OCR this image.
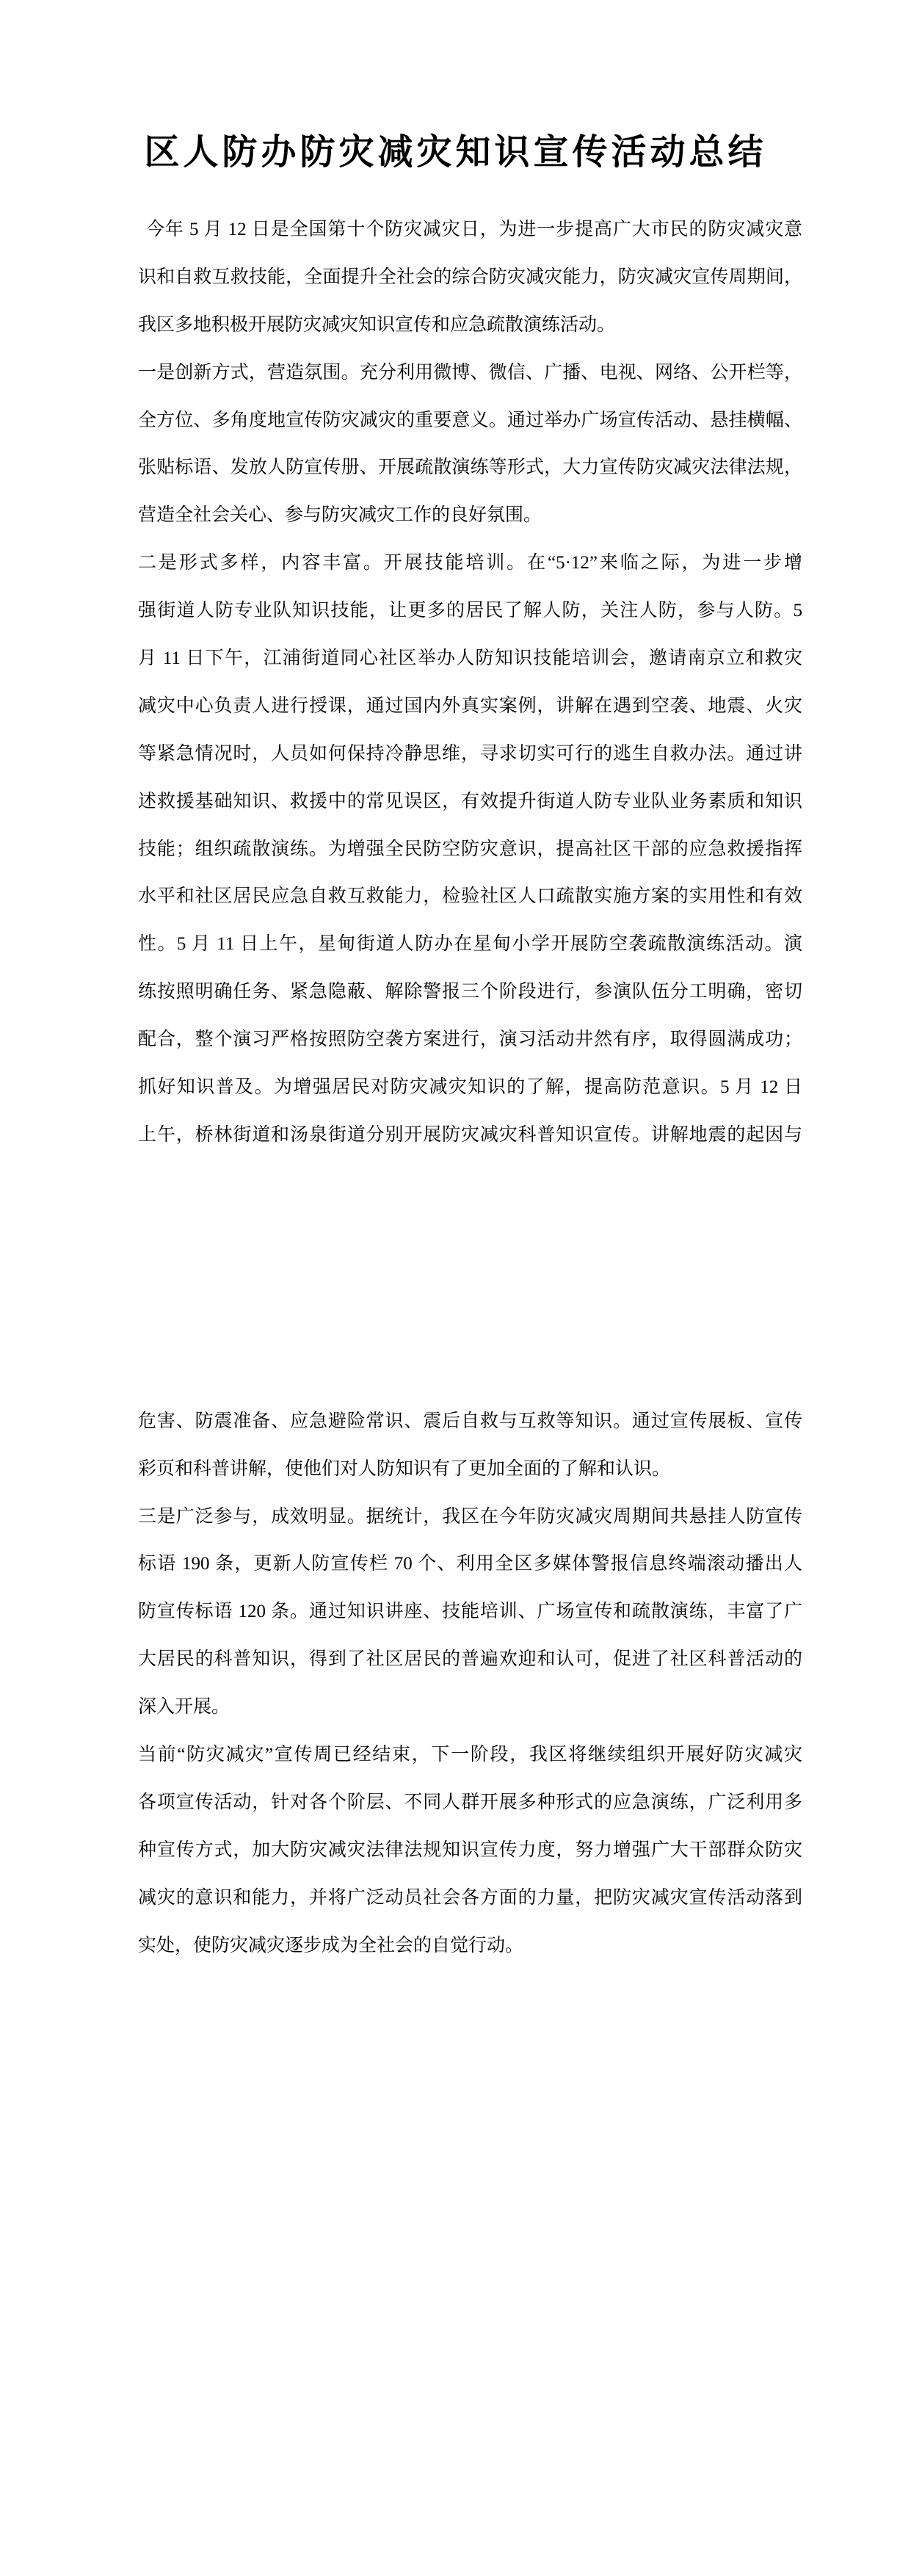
区人防办防灾减灾知识宣传活动总结
今年 5 月 12 日是全国第十个防灾减灾日，为进一步提高广大市民的防灾减灾意
识和自救互救技能，全面提升全社会的综合防灾减灾能力，防灾减灾宣传周期间，
我区多地积极开展防灾减灾知识宣传和应急疏散演练活动。
一是创新方式，营造氛围。充分利用微博、微信、广播、电视、网络、公开栏等，
全方位、多角度地宣传防灾减灾的重要意义。通过举办广场宣传活动、悬挂横幅、
张贴标语、发放人防宣传册、开展疏散演练等形式，大力宣传防灾减灾法律法规，
营造全社会关心、参与防灾减灾工作的良好氛围。
二是形式多样，内容丰富。开展技能培训。在“5·12”来临之际，为进一步增
强街道人防专业队知识技能，让更多的居民了解人防，关注人防，参与人防。5
月 11 日下午，江浦街道同心社区举办人防知识技能培训会，邀请南京立和救灾
减灾中心负责人进行授课，通过国内外真实案例，讲解在遇到空袭、地震、火灾
等紧急情况时，人员如何保持冷静思维，寻求切实可行的逃生自救办法。通过讲
述救援基础知识、救援中的常见误区，有效提升街道人防专业队业务素质和知识
技能；组织疏散演练。为增强全民防空防灾意识，提高社区干部的应急救援指挥
水平和社区居民应急自救互救能力，检验社区人口疏散实施方案的实用性和有效
性。5 月 11 日上午，星甸街道人防办在星甸小学开展防空袭疏散演练活动。演
练按照明确任务、紧急隐蔽、解除警报三个阶段进行，参演队伍分工明确，密切
配合，整个演习严格按照防空袭方案进行，演习活动井然有序，取得圆满成功；
抓好知识普及。为增强居民对防灾减灾知识的了解，提高防范意识。5 月 12 日
上午，桥林街道和汤泉街道分别开展防灾减灾科普知识宣传。讲解地震的起因与
危害、防震准备、应急避险常识、震后自救与互救等知识。通过宣传展板、宣传
彩页和科普讲解，使他们对人防知识有了更加全面的了解和认识。
三是广泛参与，成效明显。据统计，我区在今年防灾减灾周期间共悬挂人防宣传
标语 190 条，更新人防宣传栏 70 个、利用全区多媒体警报信息终端滚动播出人
防宣传标语 120 条。通过知识讲座、技能培训、广场宣传和疏散演练，丰富了广
大居民的科普知识，得到了社区居民的普遍欢迎和认可，促进了社区科普活动的
深入开展。
当前“防灾减灾”宣传周已经结束，下一阶段，我区将继续组织开展好防灾减灾
各项宣传活动，针对各个阶层、不同人群开展多种形式的应急演练，广泛利用多
种宣传方式，加大防灾减灾法律法规知识宣传力度，努力增强广大干部群众防灾
减灾的意识和能力，并将广泛动员社会各方面的力量，把防灾减灾宣传活动落到
实处，使防灾减灾逐步成为全社会的自觉行动。
